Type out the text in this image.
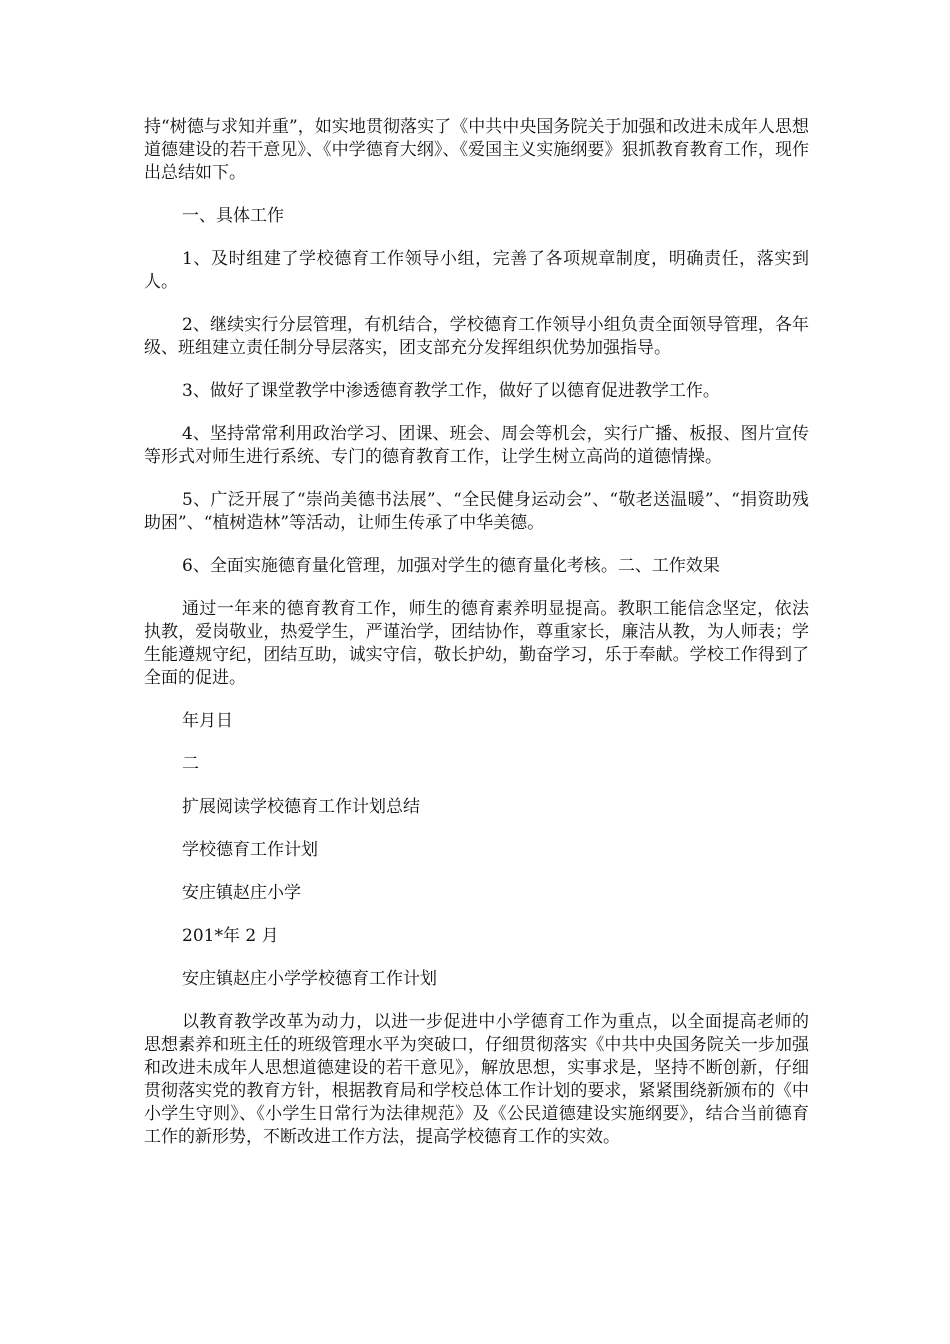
持“树德与求知并重”，如实地贯彻落实了《中共中央国务院关于加强和改进未成年人思想道德建设的若干意见》、《中学德育大纲》、《爱国主义实施纲要》狠抓教育教育工作，现作出总结如下。

一、具体工作

1、及时组建了学校德育工作领导小组，完善了各项规章制度，明确责任，落实到人。

2、继续实行分层管理，有机结合，学校德育工作领导小组负责全面领导管理，各年级、班组建立责任制分导层落实，团支部充分发挥组织优势加强指导。

3、做好了课堂教学中渗透德育教学工作，做好了以德育促进教学工作。

4、坚持常常利用政治学习、团课、班会、周会等机会，实行广播、板报、图片宣传等形式对师生进行系统、专门的德育教育工作，让学生树立高尚的道德情操。

5、广泛开展了“崇尚美德书法展”、“全民健身运动会”、“敬老送温暖”、“捐资助残助困”、“植树造林”等活动，让师生传承了中华美德。

6、全面实施德育量化管理，加强对学生的德育量化考核。二、工作效果

通过一年来的德育教育工作，师生的德育素养明显提高。教职工能信念坚定，依法执教，爱岗敬业，热爱学生，严谨治学，团结协作，尊重家长，廉洁从教，为人师表；学生能遵规守纪，团结互助，诚实守信，敬长护幼，勤奋学习，乐于奉献。学校工作得到了全面的促进。

年月日

二

扩展阅读学校德育工作计划总结

学校德育工作计划

安庄镇赵庄小学

201*年 2 月

安庄镇赵庄小学学校德育工作计划

以教育教学改革为动力，以进一步促进中小学德育工作为重点，以全面提高老师的思想素养和班主任的班级管理水平为突破口，仔细贯彻落实《中共中央国务院关一步加强和改进未成年人思想道德建设的若干意见》，解放思想，实事求是，坚持不断创新，仔细贯彻落实党的教育方针，根据教育局和学校总体工作计划的要求，紧紧围绕新颁布的《中小学生守则》、《小学生日常行为法律规范》及《公民道德建设实施纲要》，结合当前德育工作的新形势，不断改进工作方法，提高学校德育工作的实效。
